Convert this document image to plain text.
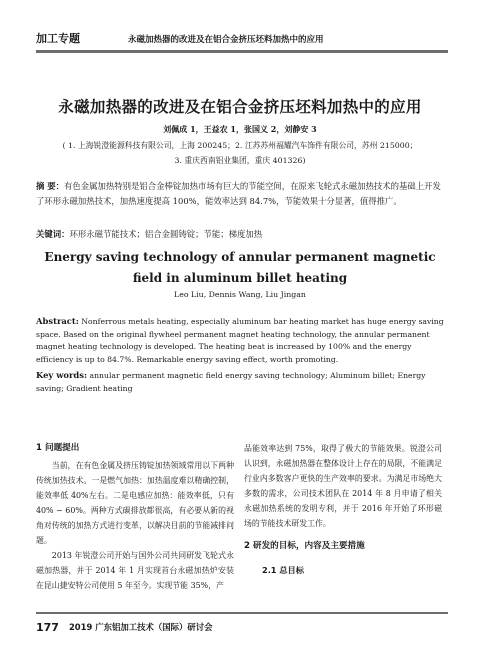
加工专题	永磁加热器的改进及在铝合金挤压坯料加热中的应用
永磁加热器的改进及在铝合金挤压坯料加热中的应用
刘佩成 1，王益农 1，张国义 2，刘静安 3
( 1. 上海锐澄能源科技有限公司，上海 200245；2. 江苏苏州福耀汽车饰件有限公司，苏州 215000；
3. 重庆西南铝业集团，重庆 401326)
摘 要：有色金属加热特别是铝合金棒锭加热市场有巨大的节能空间，在原来飞轮式永磁加热技术的基础上开发了环形永磁加热技术，加热速度提高 100%，能效率达到 84.7%，节能效果十分显著，值得推广。
关键词：环形永磁节能技术；铝合金圆铸锭；节能；梯度加热
Energy saving technology of annular permanent magnetic field in aluminum billet heating
Leo Liu, Dennis Wang, Liu Jingan
Abstract: Nonferrous metals heating, especially aluminum bar heating market has huge energy saving space. Based on the original flywheel permanent magnet heating technology, the annular permanent magnet heating technology is developed. The heating beat is increased by 100% and the energy efficiency is up to 84.7%. Remarkable energy saving effect, worth promoting.
Key words: annular permanent magnetic field energy saving technology; Aluminum billet; Energy saving; Gradient heating
1 问题提出

当前，在有色金属及挤压铸锭加热领域常用以下两种传统加热技术。一是燃气加热：加热温度难以精确控制，能效率低 40%左右。二是电感应加热：能效率低，只有 40% ~ 60%。两种方式碳排放都很高，有必要从新的视角对传统的加热方式进行变革，以解决目前的节能减排问题。

2013 年锐澄公司开始与国外公司共同研发飞轮式永磁加热器，并于 2014 年 1 月实现首台永磁加热炉安装在昆山捷安特公司使用 5 年至今。实现节能 35%，产

品能效率达到 75%，取得了极大的节能效果。锐澄公司认识到，永磁加热器在整体设计上存在的局限，不能满足行业内多数客户更快的生产效率的要求。为满足市场绝大多数的需求，公司技术团队在 2014 年 8 月申请了相关永磁加热系统的发明专利，并于 2016 年开始了环形磁场的节能技术研发工作。

2 研发的目标，内容及主要措施
2.1 总目标
177 2019 广东铝加工技术（国际）研讨会
